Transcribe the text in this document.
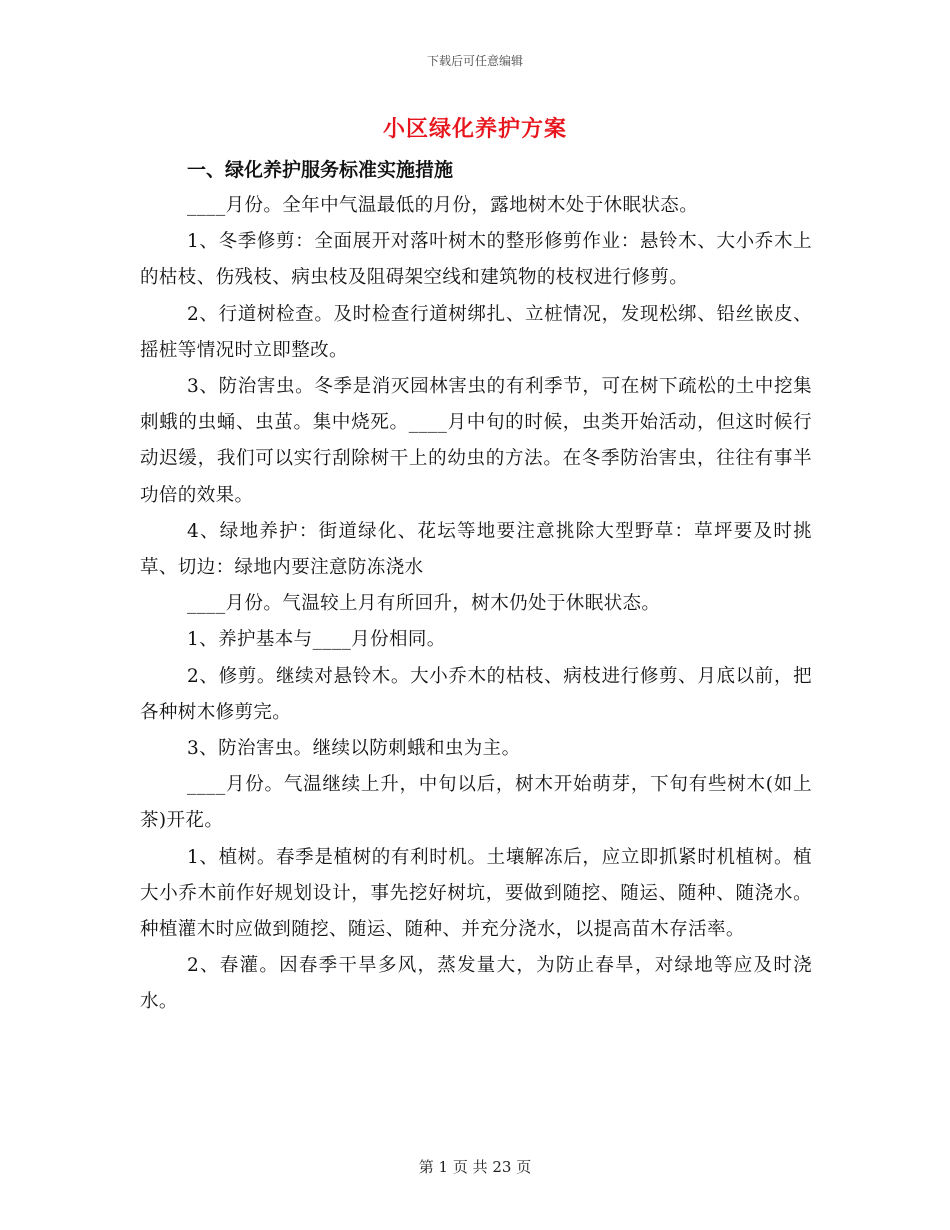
下载后可任意编辑
小区绿化养护方案
一、绿化养护服务标准实施措施

____月份。全年中气温最低的月份，露地树木处于休眠状态。

1、冬季修剪：全面展开对落叶树木的整形修剪作业：悬铃木、大小乔木上的枯枝、伤残枝、病虫枝及阻碍架空线和建筑物的枝杈进行修剪。

2、行道树检查。及时检查行道树绑扎、立桩情况，发现松绑、铅丝嵌皮、摇桩等情况时立即整改。

3、防治害虫。冬季是消灭园林害虫的有利季节，可在树下疏松的土中挖集刺蛾的虫蛹、虫茧。集中烧死。____月中旬的时候，虫类开始活动，但这时候行动迟缓，我们可以实行刮除树干上的幼虫的方法。在冬季防治害虫，往往有事半功倍的效果。

4、绿地养护：街道绿化、花坛等地要注意挑除大型野草：草坪要及时挑草、切边：绿地内要注意防冻浇水

____月份。气温较上月有所回升，树木仍处于休眠状态。

1、养护基本与____月份相同。

2、修剪。继续对悬铃木。大小乔木的枯枝、病枝进行修剪、月底以前，把各种树木修剪完。

3、防治害虫。继续以防刺蛾和虫为主。

____月份。气温继续上升，中旬以后，树木开始萌芽，下旬有些树木(如上茶)开花。

1、植树。春季是植树的有利时机。土壤解冻后，应立即抓紧时机植树。植大小乔木前作好规划设计，事先挖好树坑，要做到随挖、随运、随种、随浇水。种植灌木时应做到随挖、随运、随种、并充分浇水，以提高苗木存活率。

2、春灌。因春季干旱多风，蒸发量大，为防止春旱，对绿地等应及时浇水。

第 1 页 共 23 页
